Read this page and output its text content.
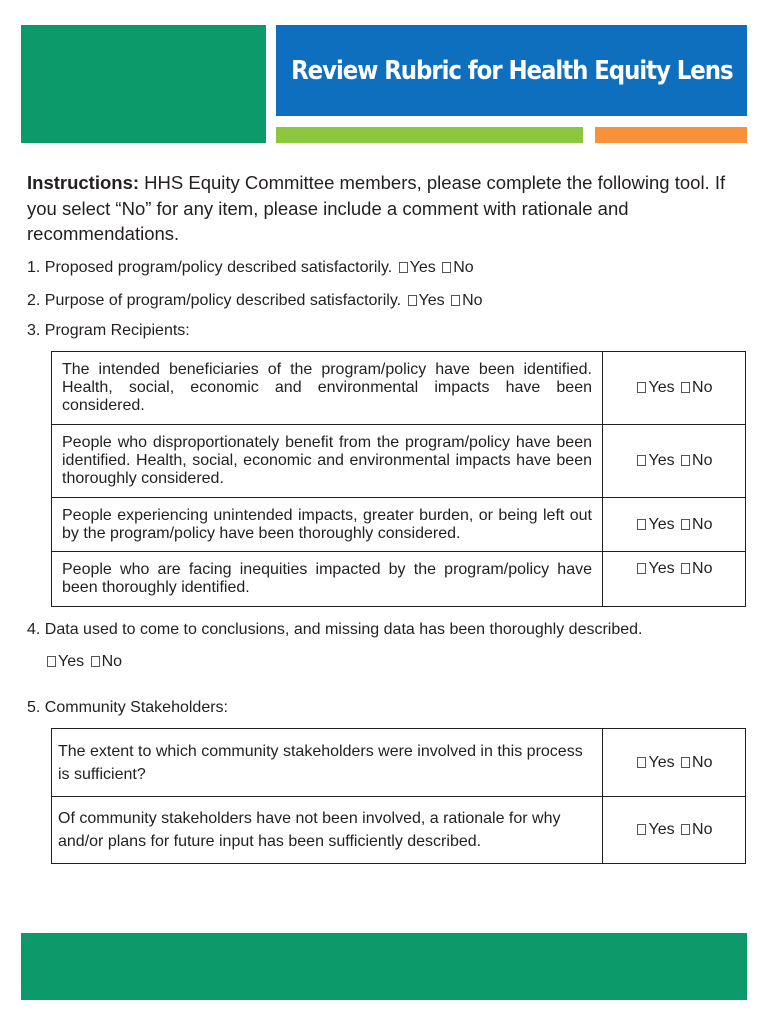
Review Rubric for Health Equity Lens
Instructions: HHS Equity Committee members, please complete the following tool. If you select “No” for any item, please include a comment with rationale and recommendations.
1. Proposed program/policy described satisfactorily. Yes No
2. Purpose of program/policy described satisfactorily. Yes No
3. Program Recipients:
The intended beneficiaries of the program/policy have been identified. Health, social, economic and environmental impacts have been considered.	Yes No
People who disproportionately benefit from the program/policy have been identified. Health, social, economic and environmental impacts have been thoroughly considered.	Yes No
People experiencing unintended impacts, greater burden, or being left out by the program/policy have been thoroughly considered.	Yes No
People who are facing inequities impacted by the program/policy have been thoroughly identified.	Yes No
4. Data used to come to conclusions, and missing data has been thoroughly described.
Yes No
5. Community Stakeholders:
The extent to which community stakeholders were involved in this process is sufficient?	Yes No
Of community stakeholders have not been involved, a rationale for why and/or plans for future input has been sufficiently described.	Yes No
